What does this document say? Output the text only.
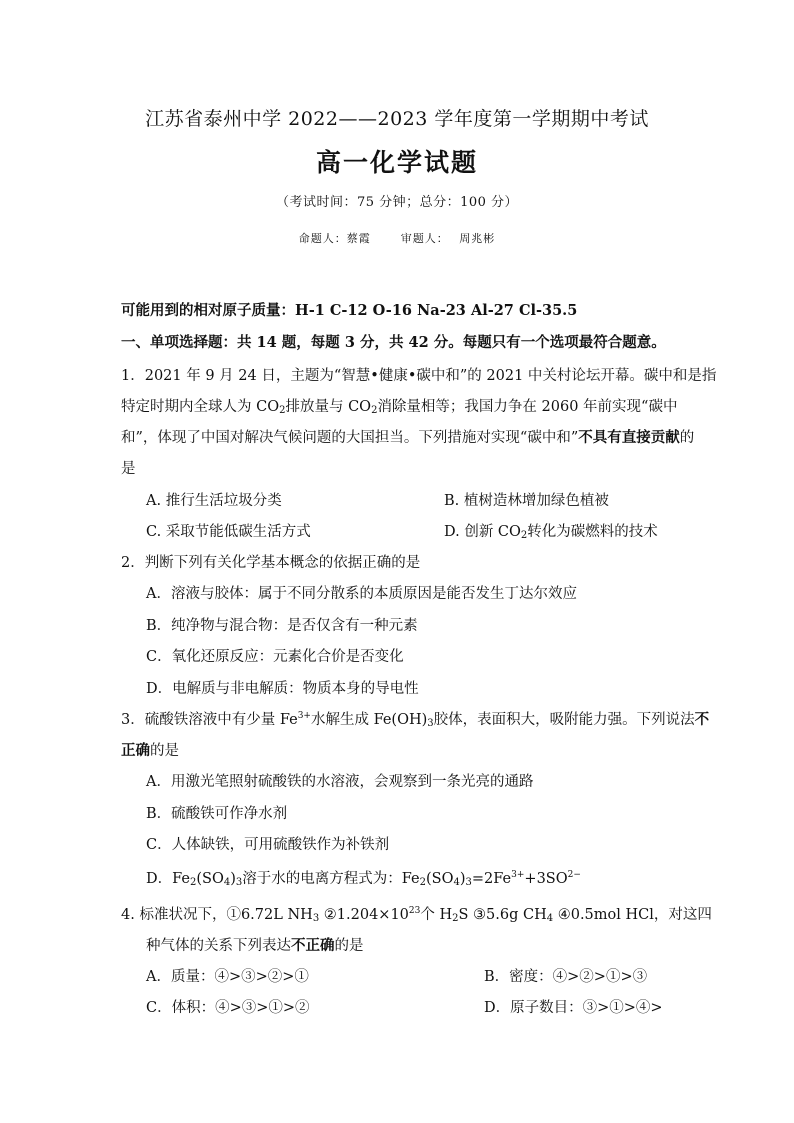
江苏省泰州中学 2022——2023 学年度第一学期期中考试
高一化学试题
（考试时间：75 分钟；总分：100 分）
命题人：蔡霞	审题人： 周兆彬
可能用到的相对原子质量：H-1 C-12 O-16 Na-23 Al-27 Cl-35.5
一、单项选择题：共 14 题，每题 3 分，共 42 分。每题只有一个选项最符合题意。
1．2021 年 9 月 24 日，主题为“智慧•健康•碳中和”的 2021 中关村论坛开幕。碳中和是指
特定时期内全球人为 $CO_2$排放量与 $CO_2$消除量相等；我国力争在 2060 年前实现“碳中
和”，体现了中国对解决气候问题的大国担当。下列措施对实现“碳中和”不具有直接贡献的
是
A. 推行生活垃圾分类	B. 植树造林增加绿色植被
C. 采取节能低碳生活方式	D. 创新 $CO_2$转化为碳燃料的技术
2．判断下列有关化学基本概念的依据正确的是
A．溶液与胶体：属于不同分散系的本质原因是能否发生丁达尔效应
B．纯净物与混合物：是否仅含有一种元素
C．氧化还原反应：元素化合价是否变化
D．电解质与非电解质：物质本身的导电性
3．硫酸铁溶液中有少量 $Fe^{3+}$水解生成 $Fe(OH)_3$胶体，表面积大，吸附能力强。下列说法不
正确的是
A．用激光笔照射硫酸铁的水溶液，会观察到一条光亮的通路
B．硫酸铁可作净水剂
C．人体缺铁，可用硫酸铁作为补铁剂
D．$Fe_2(SO_4)_3$溶于水的电离方程式为：$Fe_2(SO_4)_3=2Fe^{3+}+3SO^{2-}$
4. 标准状况下，①6.72L $NH_3$ $②1.204\times 10^{23}$个 $H_2S$ ③5.6g $CH_4$ ④0.5mol HCl，对这四
种气体的关系下列表达不正确的是
A．质量：④>③>②>①	B．密度：④>②>①>③
C．体积：④>③>①>②	D．原子数目：③>①>④>
